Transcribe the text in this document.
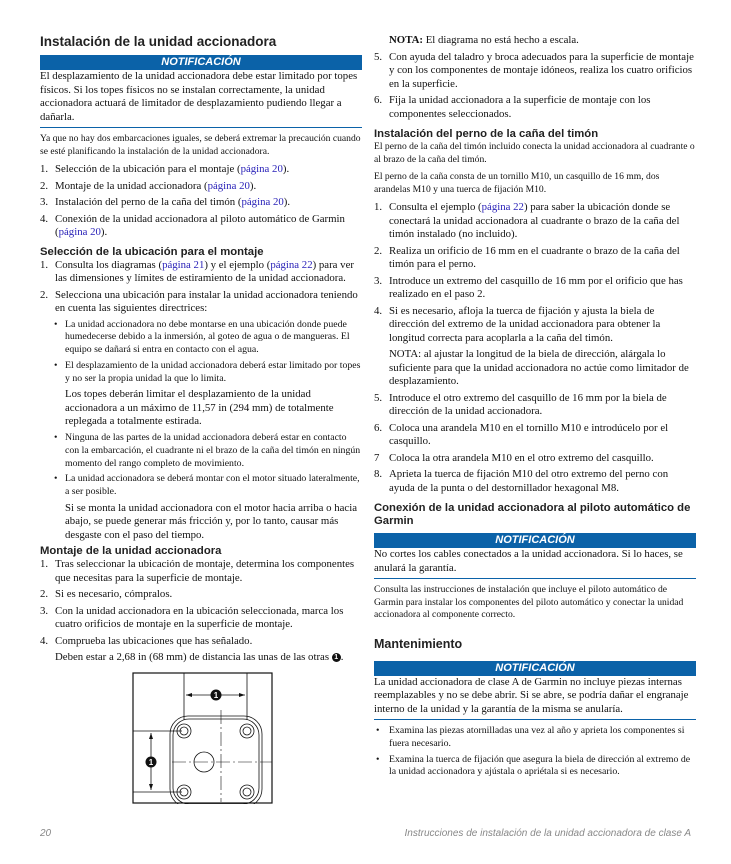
Instalación de la unidad accionadora
NOTIFICACIÓN
El desplazamiento de la unidad accionadora debe estar limitado por topes físicos. Si los topes físicos no se instalan correctamente, la unidad accionadora actuará de limitador de desplazamiento pudiendo llegar a dañarla.

Ya que no hay dos embarcaciones iguales, se deberá extremar la precaución cuando se esté planificando la instalación de la unidad accionadora.

1. Selección de la ubicación para el montaje (página 20).
2. Montaje de la unidad accionadora (página 20).
3. Instalación del perno de la caña del timón (página 20).
4. Conexión de la unidad accionadora al piloto automático de Garmin (página 20).
Selección de la ubicación para el montaje
1. Consulta los diagramas (página 21) y el ejemplo (página 22) para ver las dimensiones y límites de estiramiento de la unidad accionadora.
2. Selecciona una ubicación para instalar la unidad accionadora teniendo en cuenta las siguientes directrices:
• La unidad accionadora no debe montarse en una ubicación donde puede humedecerse debido a la inmersión, al goteo de agua o de mangueras. El equipo se dañará si entra en contacto con el agua.
• El desplazamiento de la unidad accionadora deberá estar limitado por topes y no ser la propia unidad la que lo limita.
Los topes deberán limitar el desplazamiento de la unidad accionadora a un máximo de 11,57 in (294 mm) de totalmente replegada a totalmente estirada.
• Ninguna de las partes de la unidad accionadora deberá estar en contacto con la embarcación, el cuadrante ni el brazo de la caña del timón en ningún momento del rango completo de movimiento.
• La unidad accionadora se deberá montar con el motor situado lateralmente, a ser posible.
Si se monta la unidad accionadora con el motor hacia arriba o hacia abajo, se puede generar más fricción y, por lo tanto, causar más desgaste con el paso del tiempo.
Montaje de la unidad accionadora
1. Tras seleccionar la ubicación de montaje, determina los componentes que necesitas para la superficie de montaje.
2. Si es necesario, cómpralos.
3. Con la unidad accionadora en la ubicación seleccionada, marca los cuatro orificios de montaje en la superficie de montaje.
4. Comprueba las ubicaciones que has señalado.
Deben estar a 2,68 in (68 mm) de distancia las unas de las otras 1 .
1
1
NOTA: El diagrama no está hecho a escala.
5. Con ayuda del taladro y broca adecuados para la superficie de montaje y con los componentes de montaje idóneos, realiza los cuatro orificios en la superficie.
6. Fija la unidad accionadora a la superficie de montaje con los componentes seleccionados.
Instalación del perno de la caña del timón

El perno de la caña del timón incluido conecta la unidad accionadora al cuadrante o al brazo de la caña del timón.

El perno de la caña consta de un tornillo M10, un casquillo de 16 mm, dos arandelas M10 y una tuerca de fijación M10.

1. Consulta el ejemplo (página 22) para saber la ubicación donde se conectará la unidad accionadora al cuadrante o brazo de la caña del timón instalado (no incluido).
2. Realiza un orificio de 16 mm en el cuadrante o brazo de la caña del timón para el perno.
3. Introduce un extremo del casquillo de 16 mm por el orificio que has realizado en el paso 2.
4. Si es necesario, afloja la tuerca de fijación y ajusta la biela de dirección del extremo de la unidad accionadora para obtener la longitud correcta para acoplarla a la caña del timón.
NOTA: al ajustar la longitud de la biela de dirección, alárgala lo suficiente para que la unidad accionadora no actúe como limitador de desplazamiento.
5. Introduce el otro extremo del casquillo de 16 mm por la biela de dirección de la unidad accionadora.
6. Coloca una arandela M10 en el tornillo M10 e introdúcelo por el casquillo.
7 Coloca la otra arandela M10 en el otro extremo del casquillo.
8. Aprieta la tuerca de fijación M10 del otro extremo del perno con ayuda de la punta o del destornillador hexagonal M8.
Conexión de la unidad accionadora al piloto automático de Garmin
NOTIFICACIÓN
No cortes los cables conectados a la unidad accionadora. Si lo haces, se anulará la garantía.

Consulta las instrucciones de instalación que incluye el piloto automático de Garmin para instalar los componentes del piloto automático y conectar la unidad accionadora al componente correcto.

Mantenimiento
NOTIFICACIÓN
La unidad accionadora de clase A de Garmin no incluye piezas internas reemplazables y no se debe abrir. Si se abre, se podría dañar el engranaje interno de la unidad y la garantía de la misma se anularía.
• Examina las piezas atornilladas una vez al año y aprieta los componentes si fuera necesario.
• Examina la tuerca de fijación que asegura la biela de dirección al extremo de la unidad accionadora y ajústala o apriétala si es necesario.
20	Instrucciones de instalación de la unidad accionadora de clase A
